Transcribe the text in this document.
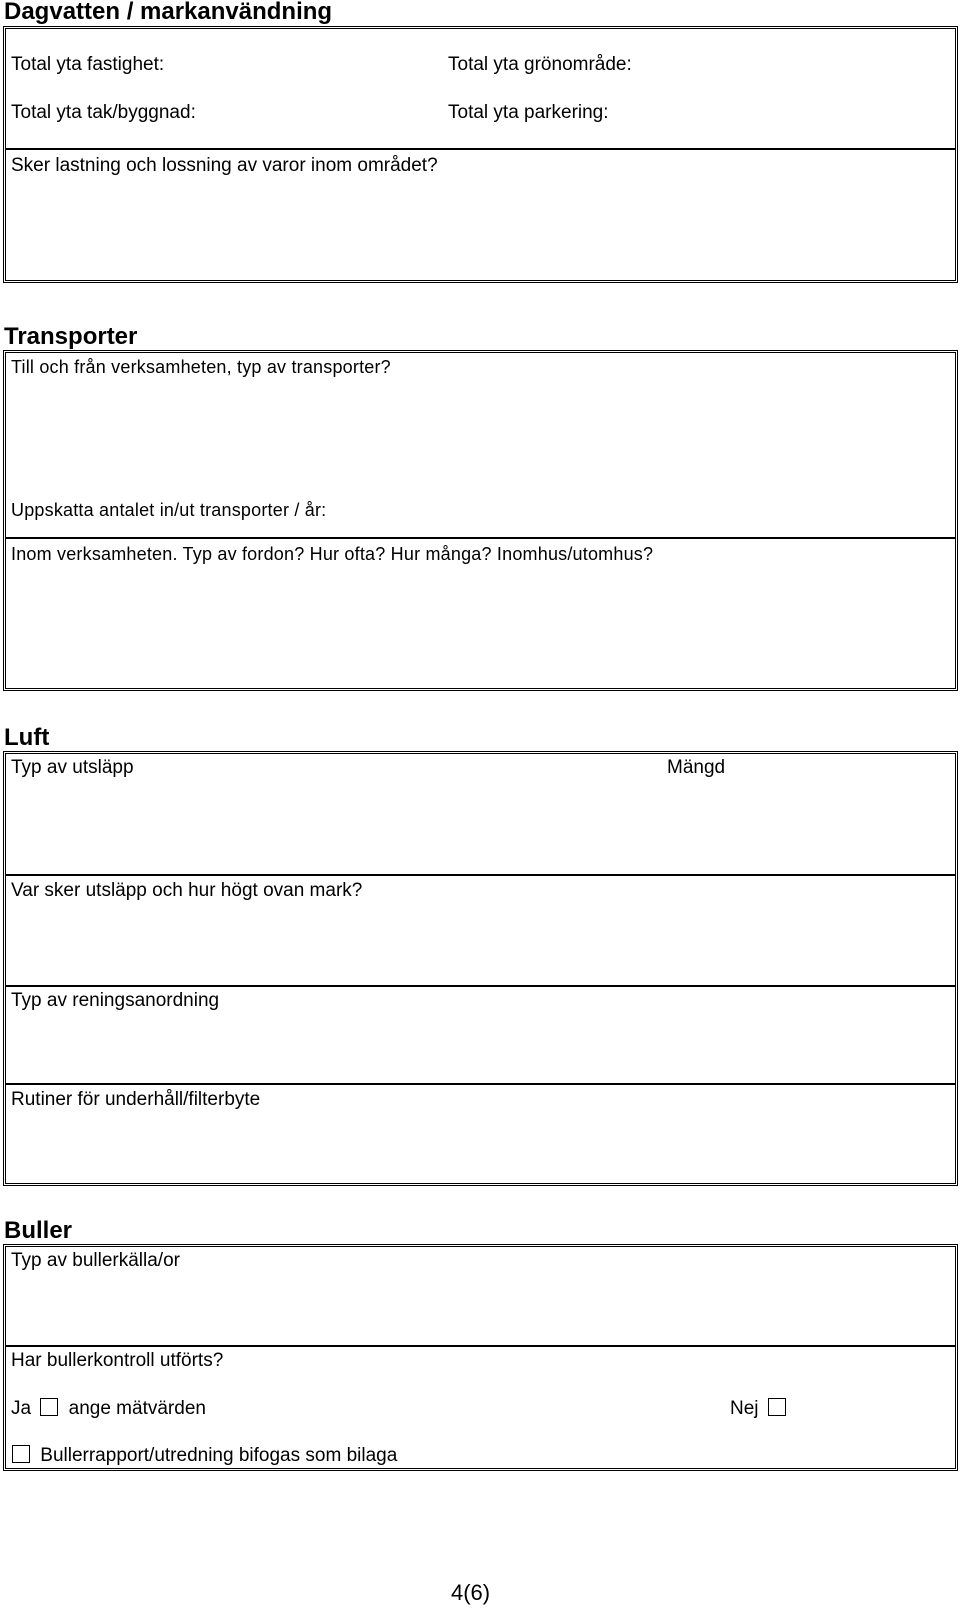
Dagvatten / markanvändning
Total yta fastighet:	Total yta grönområde:
Total yta tak/byggnad:	Total yta parkering:
Sker lastning och lossning av varor inom området?
Transporter
Till och från verksamheten, typ av transporter?
Uppskatta antalet in/ut transporter / år:
Inom verksamheten. Typ av fordon? Hur ofta? Hur många? Inomhus/utomhus?
Luft
Typ av utsläpp	Mängd
Var sker utsläpp och hur högt ovan mark?
Typ av reningsanordning
Rutiner för underhåll/filterbyte
Buller
Typ av bullerkälla/or
Har bullerkontroll utförts?
Ja ange mätvärden	Nej
Bullerrapport/utredning bifogas som bilaga
4(6)
